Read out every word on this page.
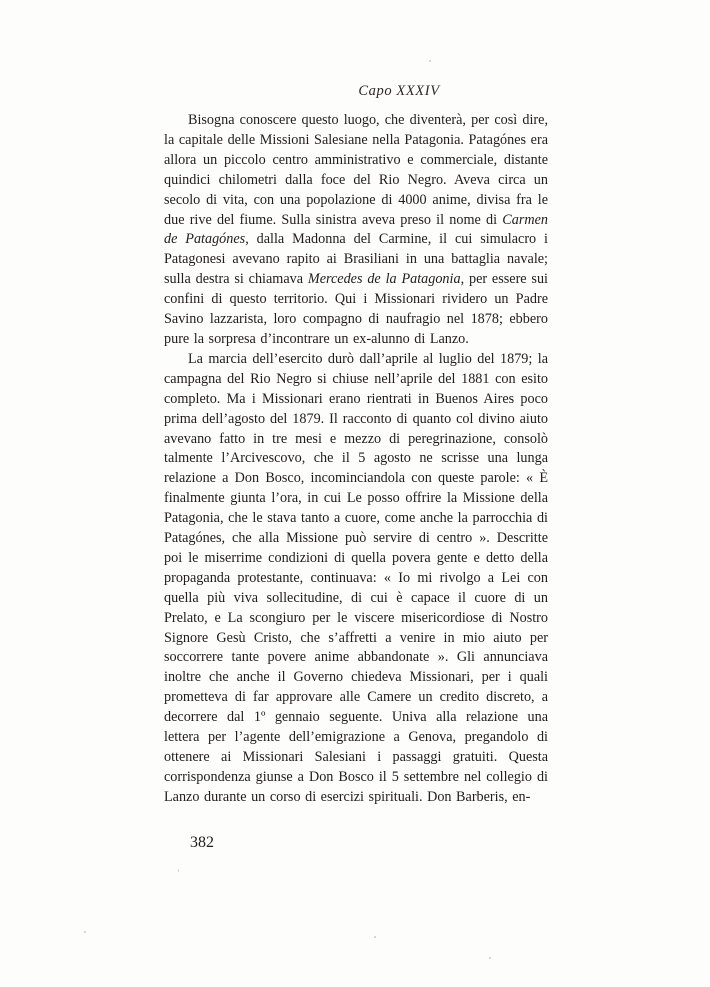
Capo XXXIV

Bisogna conoscere questo luogo, che diventerà, per così dire, la capitale delle Missioni Salesiane nella Patagonia. Patagónes era allora un piccolo centro amministrativo e commerciale, distante quindici chilometri dalla foce del Rio Negro. Aveva circa un secolo di vita, con una popolazione di 4000 anime, divisa fra le due rive del fiume. Sulla sinistra aveva preso il nome di Carmen de Patagónes, dalla Madonna del Carmine, il cui simulacro i Patagonesi avevano rapito ai Brasiliani in una battaglia navale; sulla destra si chiamava Mercedes de la Patagonia, per essere sui confini di questo territorio. Qui i Missionari rividero un Padre Savino lazzarista, loro compagno di naufragio nel 1878; ebbero pure la sorpresa d’incontrare un ex-alunno di Lanzo.

La marcia dell’esercito durò dall’aprile al luglio del 1879; la campagna del Rio Negro si chiuse nell’aprile del 1881 con esito completo. Ma i Missionari erano rientrati in Buenos Aires poco prima dell’agosto del 1879. Il racconto di quanto col divino aiuto avevano fatto in tre mesi e mezzo di peregrinazione, consolò talmente l’Arcivescovo, che il 5 agosto ne scrisse una lunga relazione a Don Bosco, incominciandola con queste parole: « È finalmente giunta l’ora, in cui Le posso offrire la Missione della Patagonia, che le stava tanto a cuore, come anche la parrocchia di Patagónes, che alla Missione può servire di centro ». Descritte poi le miserrime condizioni di quella povera gente e detto della propaganda protestante, continuava: « Io mi rivolgo a Lei con quella più viva sollecitudine, di cui è capace il cuore di un Prelato, e La scongiuro per le viscere misericordiose di Nostro Signore Gesù Cristo, che s’affretti a venire in mio aiuto per soccorrere tante povere anime abbandonate ». Gli annunciava inoltre che anche il Governo chiedeva Missionari, per i quali prometteva di far approvare alle Camere un credito discreto, a decorrere dal 1º gennaio seguente. Univa alla relazione una lettera per l’agente dell’emigrazione a Genova, pregandolo di ottenere ai Missionari Salesiani i passaggi gratuiti. Questa corrispondenza giunse a Don Bosco il 5 settembre nel collegio di Lanzo durante un corso di esercizi spirituali. Don Barberis, en-

382
